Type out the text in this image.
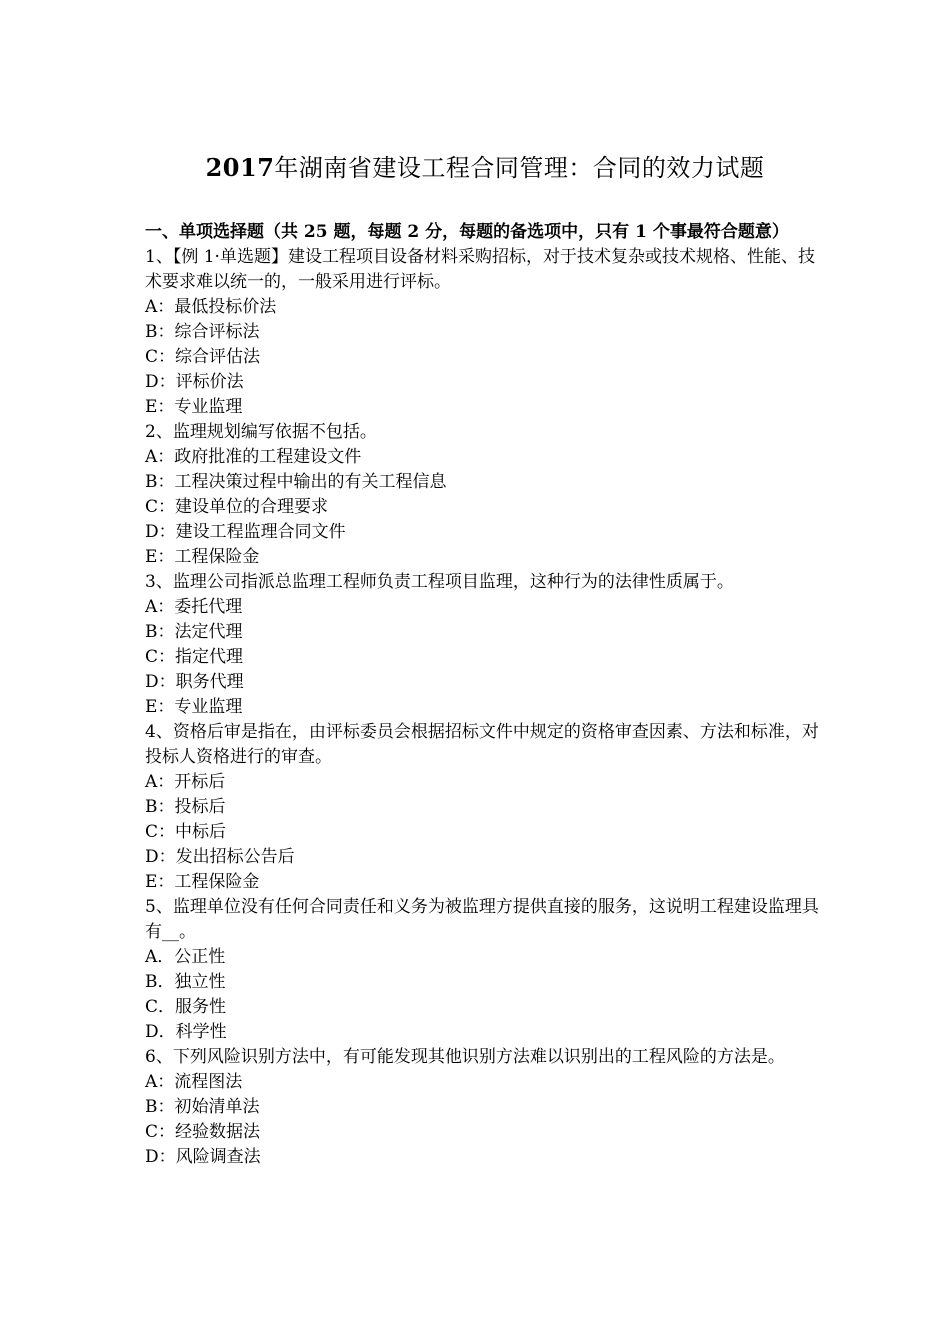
2017年湖南省建设工程合同管理：合同的效力试题

一、单项选择题（共 25 题，每题 2 分，每题的备选项中，只有 1 个事最符合题意）

1、【例 1·单选题】建设工程项目设备材料采购招标，对于技术复杂或技术规格、性能、技术要求难以统一的，一般采用进行评标。

A：最低投标价法

B：综合评标法

C：综合评估法

D：评标价法

E：专业监理

2、监理规划编写依据不包括。

A：政府批准的工程建设文件

B：工程决策过程中输出的有关工程信息

C：建设单位的合理要求

D：建设工程监理合同文件

E：工程保险金

3、监理公司指派总监理工程师负责工程项目监理，这种行为的法律性质属于。

A：委托代理

B：法定代理

C：指定代理

D：职务代理

E：专业监理

4、资格后审是指在，由评标委员会根据招标文件中规定的资格审查因素、方法和标准，对投标人资格进行的审查。

A：开标后

B：投标后

C：中标后

D：发出招标公告后

E：工程保险金

5、监理单位没有任何合同责任和义务为被监理方提供直接的服务，这说明工程建设监理具有__。

A．公正性

B．独立性

C．服务性

D．科学性

6、下列风险识别方法中，有可能发现其他识别方法难以识别出的工程风险的方法是。

A：流程图法

B：初始清单法

C：经验数据法

D：风险调查法
